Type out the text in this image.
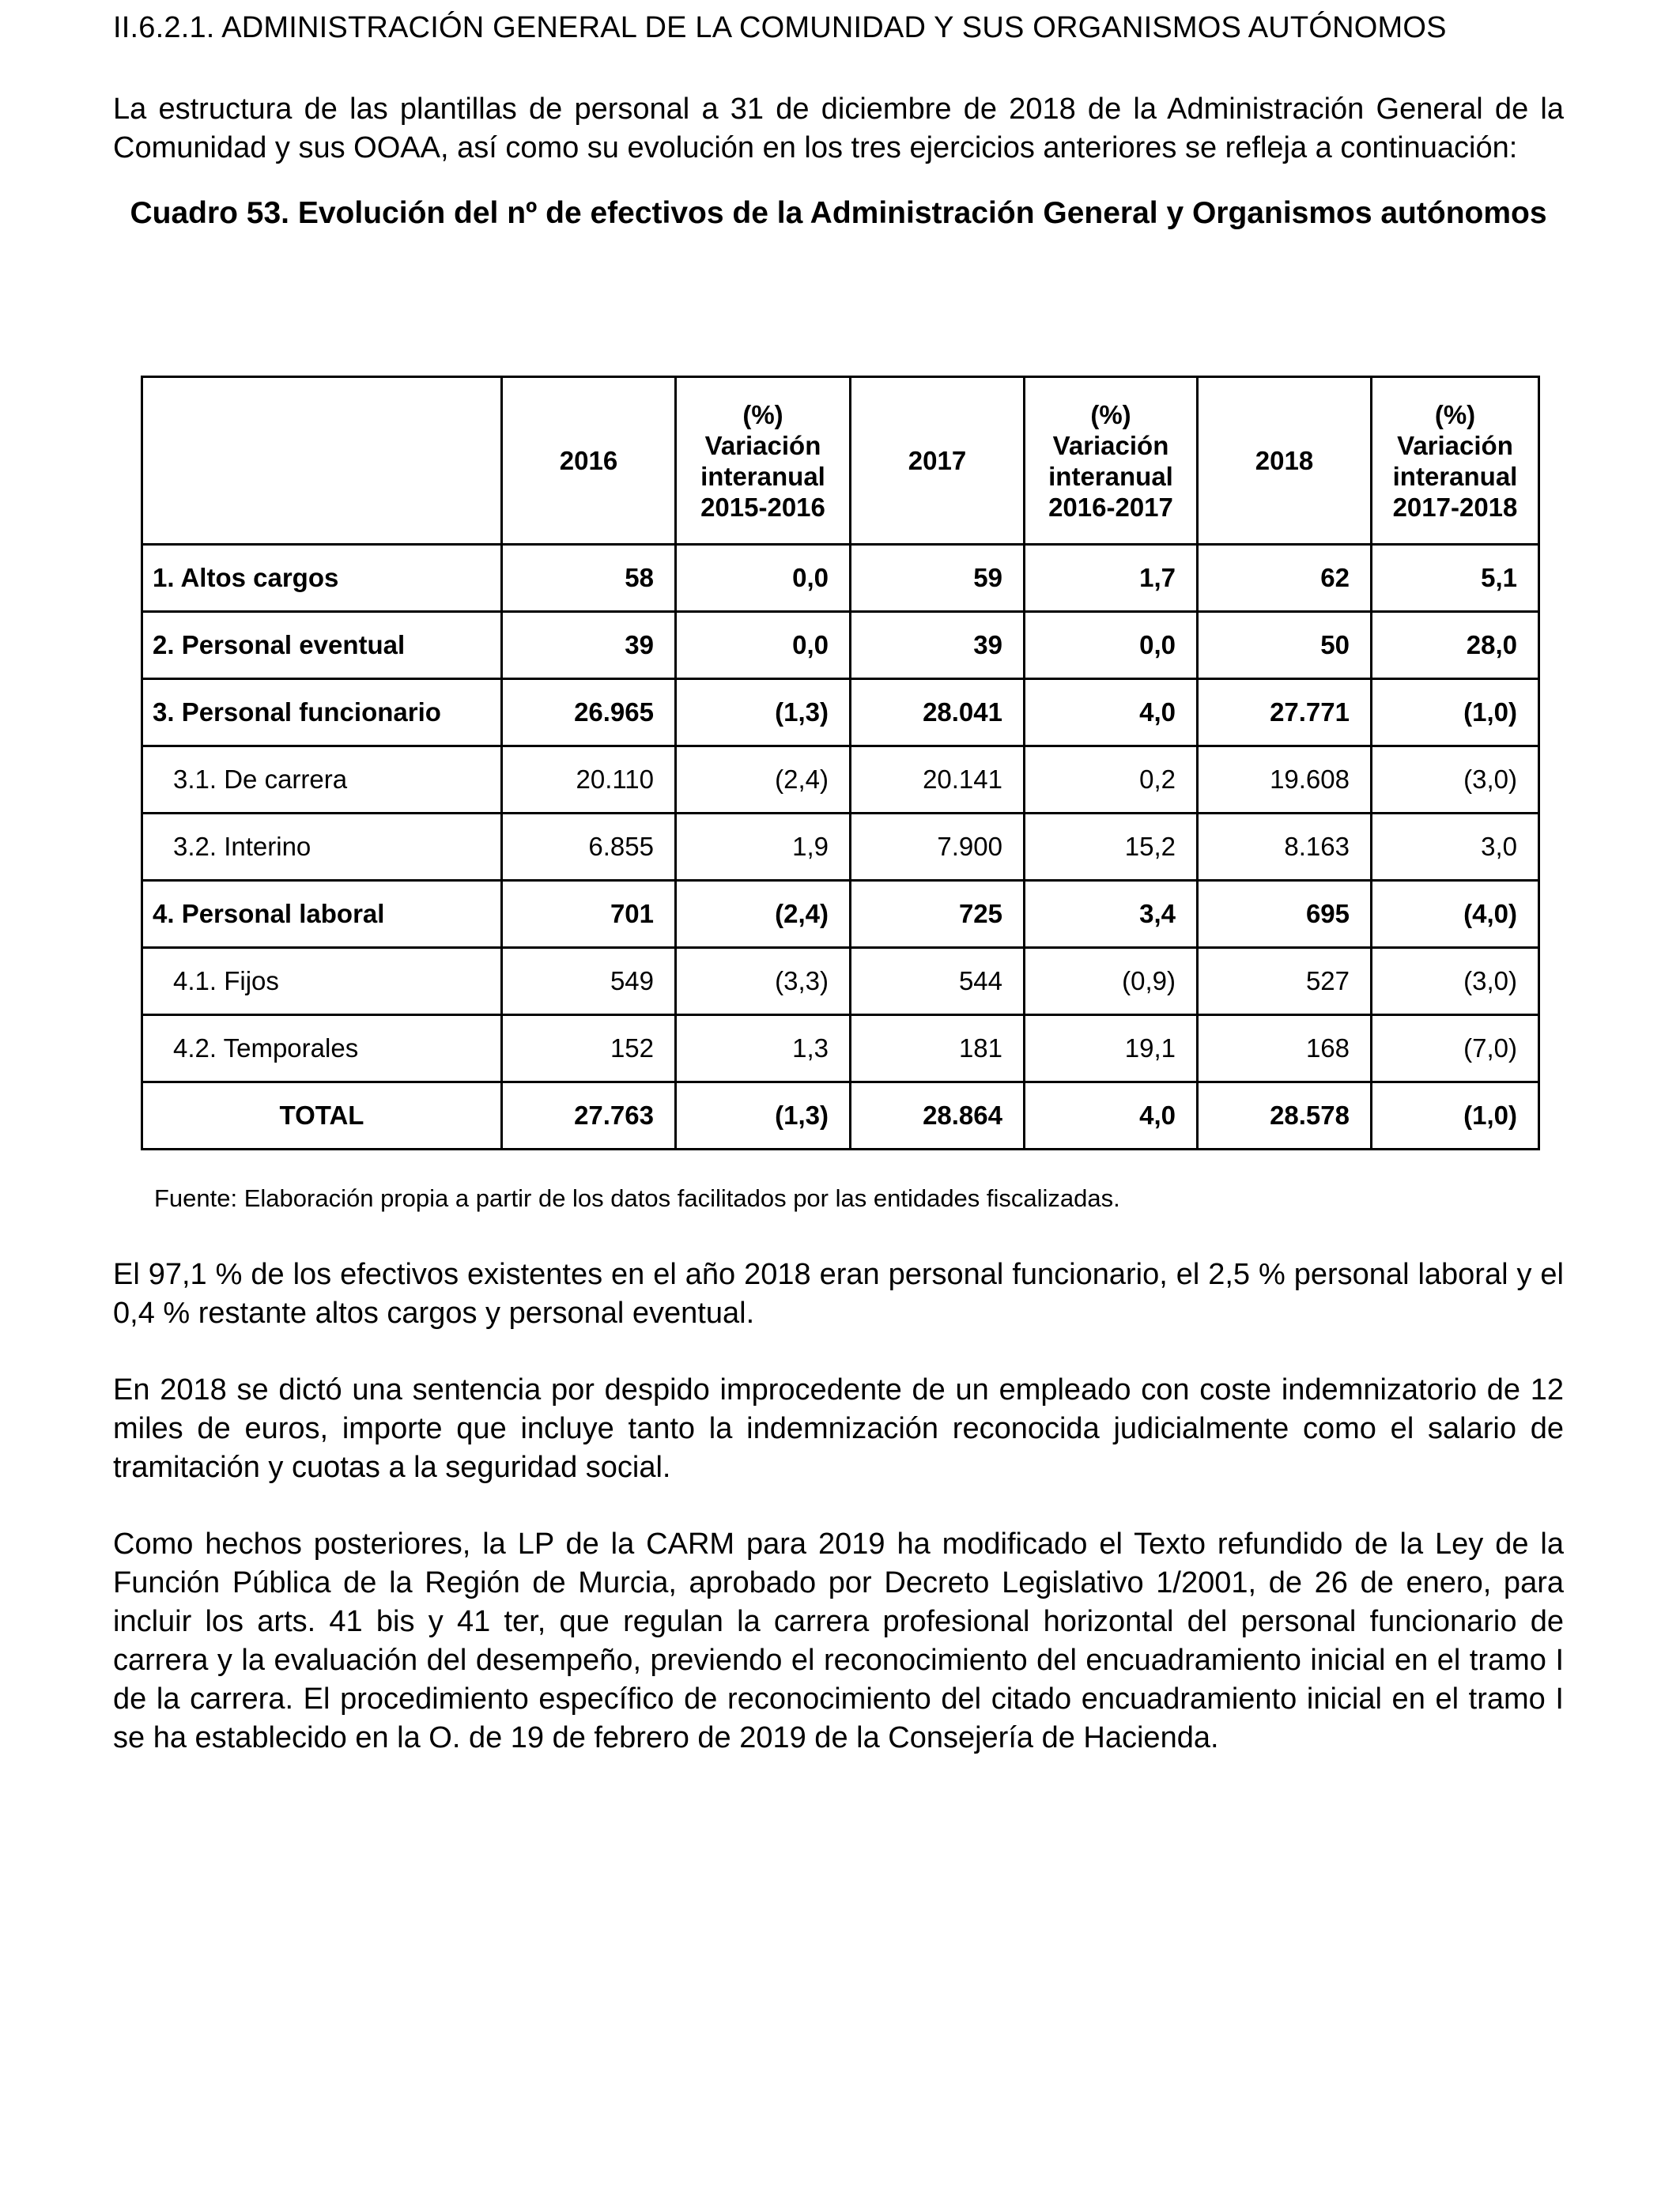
II.6.2.1. ADMINISTRACIÓN GENERAL DE LA COMUNIDAD Y SUS ORGANISMOS AUTÓNOMOS

La estructura de las plantillas de personal a 31 de diciembre de 2018 de la Administración General de la Comunidad y sus OOAA, así como su evolución en los tres ejercicios anteriores se refleja a continuación:

Cuadro 53. Evolución del nº de efectivos de la Administración General y Organismos autónomos

	2016	(%) Variación interanual 2015-2016	2017	(%) Variación interanual 2016-2017	2018	(%) Variación interanual 2017-2018
1. Altos cargos	58	0,0	59	1,7	62	5,1
2. Personal eventual	39	0,0	39	0,0	50	28,0
3. Personal funcionario	26.965	(1,3)	28.041	4,0	27.771	(1,0)
3.1. De carrera	20.110	(2,4)	20.141	0,2	19.608	(3,0)
3.2. Interino	6.855	1,9	7.900	15,2	8.163	3,0
4. Personal laboral	701	(2,4)	725	3,4	695	(4,0)
4.1. Fijos	549	(3,3)	544	(0,9)	527	(3,0)
4.2. Temporales	152	1,3	181	19,1	168	(7,0)
TOTAL	27.763	(1,3)	28.864	4,0	28.578	(1,0)
Fuente: Elaboración propia a partir de los datos facilitados por las entidades fiscalizadas.

El 97,1 % de los efectivos existentes en el año 2018 eran personal funcionario, el 2,5 % personal laboral y el 0,4 % restante altos cargos y personal eventual.

En 2018 se dictó una sentencia por despido improcedente de un empleado con coste indemnizatorio de 12 miles de euros, importe que incluye tanto la indemnización reconocida judicialmente como el salario de tramitación y cuotas a la seguridad social.

Como hechos posteriores, la LP de la CARM para 2019 ha modificado el Texto refundido de la Ley de la Función Pública de la Región de Murcia, aprobado por Decreto Legislativo 1/2001, de 26 de enero, para incluir los arts. 41 bis y 41 ter, que regulan la carrera profesional horizontal del personal funcionario de carrera y la evaluación del desempeño, previendo el reconocimiento del encuadramiento inicial en el tramo I de la carrera. El procedimiento específico de reconocimiento del citado encuadramiento inicial en el tramo I se ha establecido en la O. de 19 de febrero de 2019 de la Consejería de Hacienda.
